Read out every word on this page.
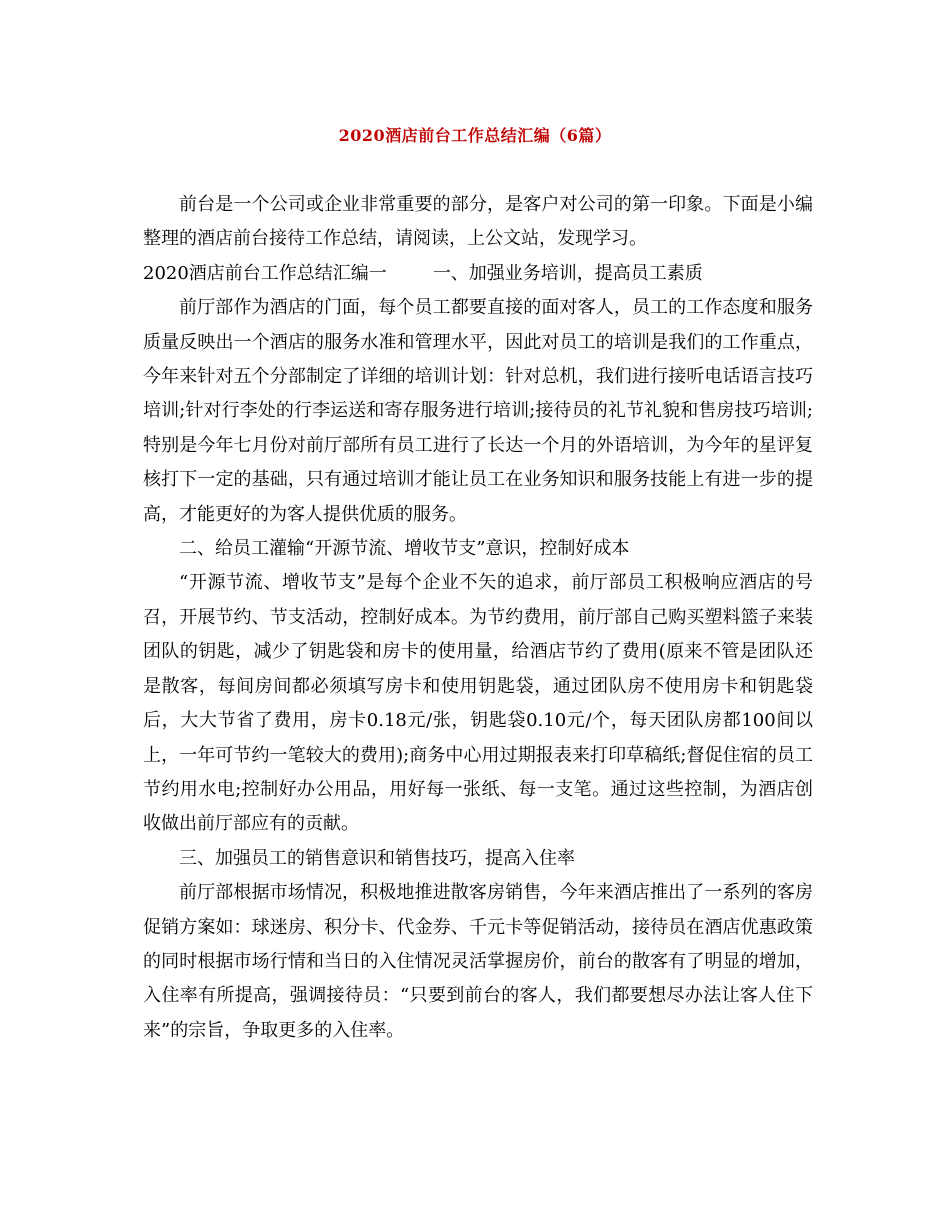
2020酒店前台工作总结汇编（6篇）

前台是一个公司或企业非常重要的部分，是客户对公司的第一印象。下面是小编整理的酒店前台接待工作总结，请阅读，上公文站，发现学习。

2020酒店前台工作总结汇编一	一、加强业务培训，提高员工素质

前厅部作为酒店的门面，每个员工都要直接的面对客人，员工的工作态度和服务质量反映出一个酒店的服务水准和管理水平，因此对员工的培训是我们的工作重点，今年来针对五个分部制定了详细的培训计划：针对总机，我们进行接听电话语言技巧培训;针对行李处的行李运送和寄存服务进行培训;接待员的礼节礼貌和售房技巧培训;特别是今年七月份对前厅部所有员工进行了长达一个月的外语培训，为今年的星评复核打下一定的基础，只有通过培训才能让员工在业务知识和服务技能上有进一步的提高，才能更好的为客人提供优质的服务。

二、给员工灌输“开源节流、增收节支”意识，控制好成本

“开源节流、增收节支”是每个企业不矢的追求，前厅部员工积极响应酒店的号召，开展节约、节支活动，控制好成本。为节约费用，前厅部自己购买塑料篮子来装团队的钥匙，减少了钥匙袋和房卡的使用量，给酒店节约了费用(原来不管是团队还是散客，每间房间都必须填写房卡和使用钥匙袋，通过团队房不使用房卡和钥匙袋后，大大节省了费用，房卡0.18元/张，钥匙袋0.10元/个，每天团队房都100间以上，一年可节约一笔较大的费用);商务中心用过期报表来打印草稿纸;督促住宿的员工节约用水电;控制好办公用品，用好每一张纸、每一支笔。通过这些控制，为酒店创收做出前厅部应有的贡献。

三、加强员工的销售意识和销售技巧，提高入住率

前厅部根据市场情况，积极地推进散客房销售，今年来酒店推出了一系列的客房促销方案如：球迷房、积分卡、代金券、千元卡等促销活动，接待员在酒店优惠政策的同时根据市场行情和当日的入住情况灵活掌握房价，前台的散客有了明显的增加，入住率有所提高，强调接待员：“只要到前台的客人，我们都要想尽办法让客人住下来”的宗旨，争取更多的入住率。
